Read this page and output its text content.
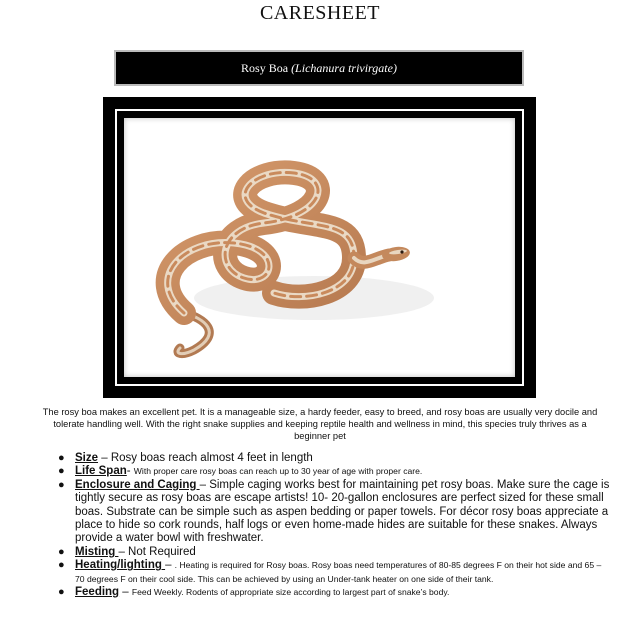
CARESHEET
Rosy Boa (Lichanura trivirgate)
The rosy boa makes an excellent pet. It is a manageable size, a hardy feeder, easy to breed, and rosy boas are usually very docile and tolerate handling well. With the right snake supplies and keeping reptile health and wellness in mind, this species truly thrives as a beginner pet
● Size – Rosy boas reach almost 4 feet in length
● Life Span- With proper care rosy boas can reach up to 30 year of age with proper care.
● Enclosure and Caging – Simple caging works best for maintaining pet rosy boas. Make sure the cage is tightly secure as rosy boas are escape artists! 10- 20-gallon enclosures are perfect sized for these small boas. Substrate can be simple such as aspen bedding or paper towels. For décor rosy boas appreciate a place to hide so cork rounds, half logs or even home-made hides are suitable for these snakes. Always provide a water bowl with freshwater.
● Misting – Not Required
● Heating/lighting – . Heating is required for Rosy boas. Rosy boas need temperatures of 80-85 degrees F on their hot side and 65 – 70 degrees F on their cool side. This can be achieved by using an Under-tank heater on one side of their tank.
● Feeding – Feed Weekly. Rodents of appropriate size according to largest part of snake’s body.
